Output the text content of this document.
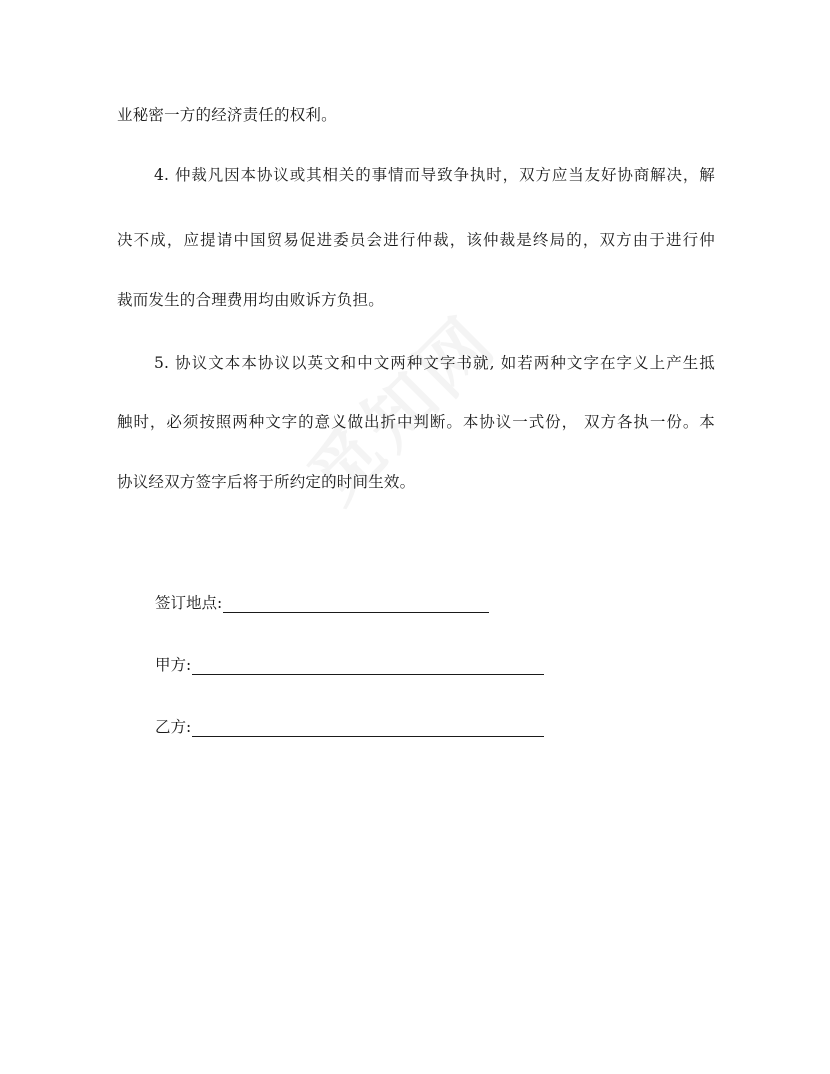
业秘密一方的经济责任的权利。
4. 仲裁凡因本协议或其相关的事情而导致争执时，双方应当友好协商解决，解
决不成，应提请中国贸易促进委员会进行仲裁，该仲裁是终局的，双方由于进行仲
裁而发生的合理费用均由败诉方负担。
5. 协议文本本协议以英文和中文两种文字书就, 如若两种文字在字义上产生抵
触时，必须按照两种文字的意义做出折中判断。本协议一式份， 双方各执一份。本
协议经双方签字后将于所约定的时间生效。
签订地点:
甲方:
乙方:
